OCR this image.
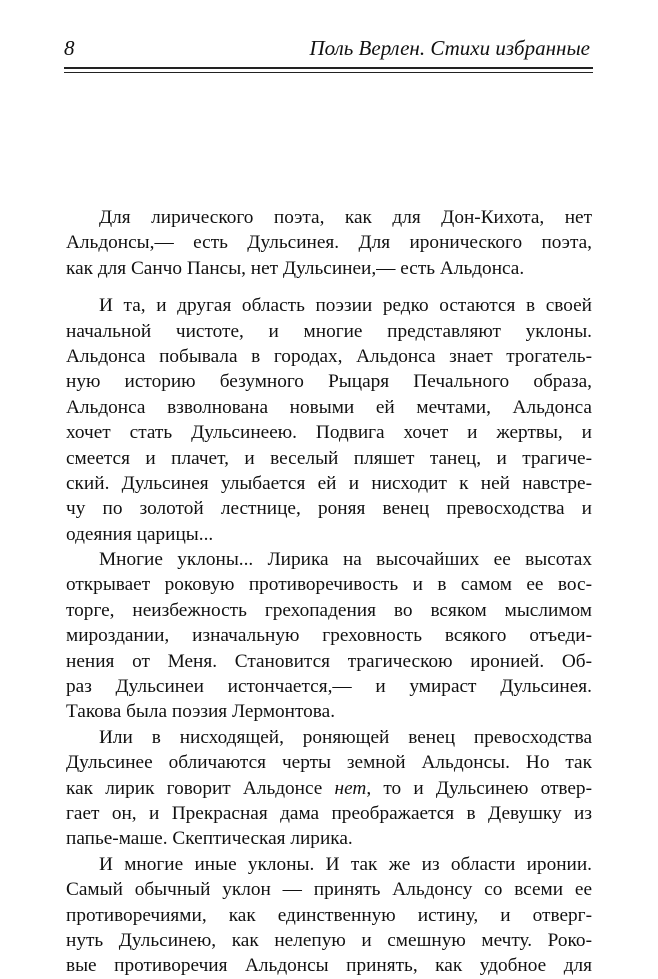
8	Поль Верлен. Стихи избранные
Для лирического поэта, как для Дон-Кихота, нет
Альдонсы,— есть Дульсинея. Для иронического поэта,
как для Санчо Пансы, нет Дульсинеи,— есть Альдонса.
И та, и другая область поэзии редко остаются в своей
начальной чистоте, и многие представляют уклоны.
Альдонса побывала в городах, Альдонса знает трогатель-
ную историю безумного Рыцаря Печального образа,
Альдонса взволнована новыми ей мечтами, Альдонса
хочет стать Дульсинеею. Подвига хочет и жертвы, и
смеется и плачет, и веселый пляшет танец, и трагиче-
ский. Дульсинея улыбается ей и нисходит к ней навстре-
чу по золотой лестнице, роняя венец превосходства и
одеяния царицы...
Многие уклоны... Лирика на высочайших ее высотах
открывает роковую противоречивость и в самом ее вос-
торге, неизбежность грехопадения во всяком мыслимом
мироздании, изначальную греховность всякого отъеди-
нения от Меня. Становится трагическою иронией. Об-
раз Дульсинеи истончается,— и умираст Дульсинея.
Такова была поэзия Лермонтова.
Или в нисходящей, роняющей венец превосходства
Дульсинее обличаются черты земной Альдонсы. Но так
как лирик говорит Альдонсе нет, то и Дульсинею отвер-
гает он, и Прекрасная дама преображается в Девушку из
папье-маше. Скептическая лирика.
И многие иные уклоны. И так же из области иронии.
Самый обычный уклон — принять Альдонсу со всеми ее
противоречиями, как единственную истину, и отверг-
нуть Дульсинею, как нелепую и смешную мечту. Роко-
вые противоречия Альдонсы принять, как удобное для
